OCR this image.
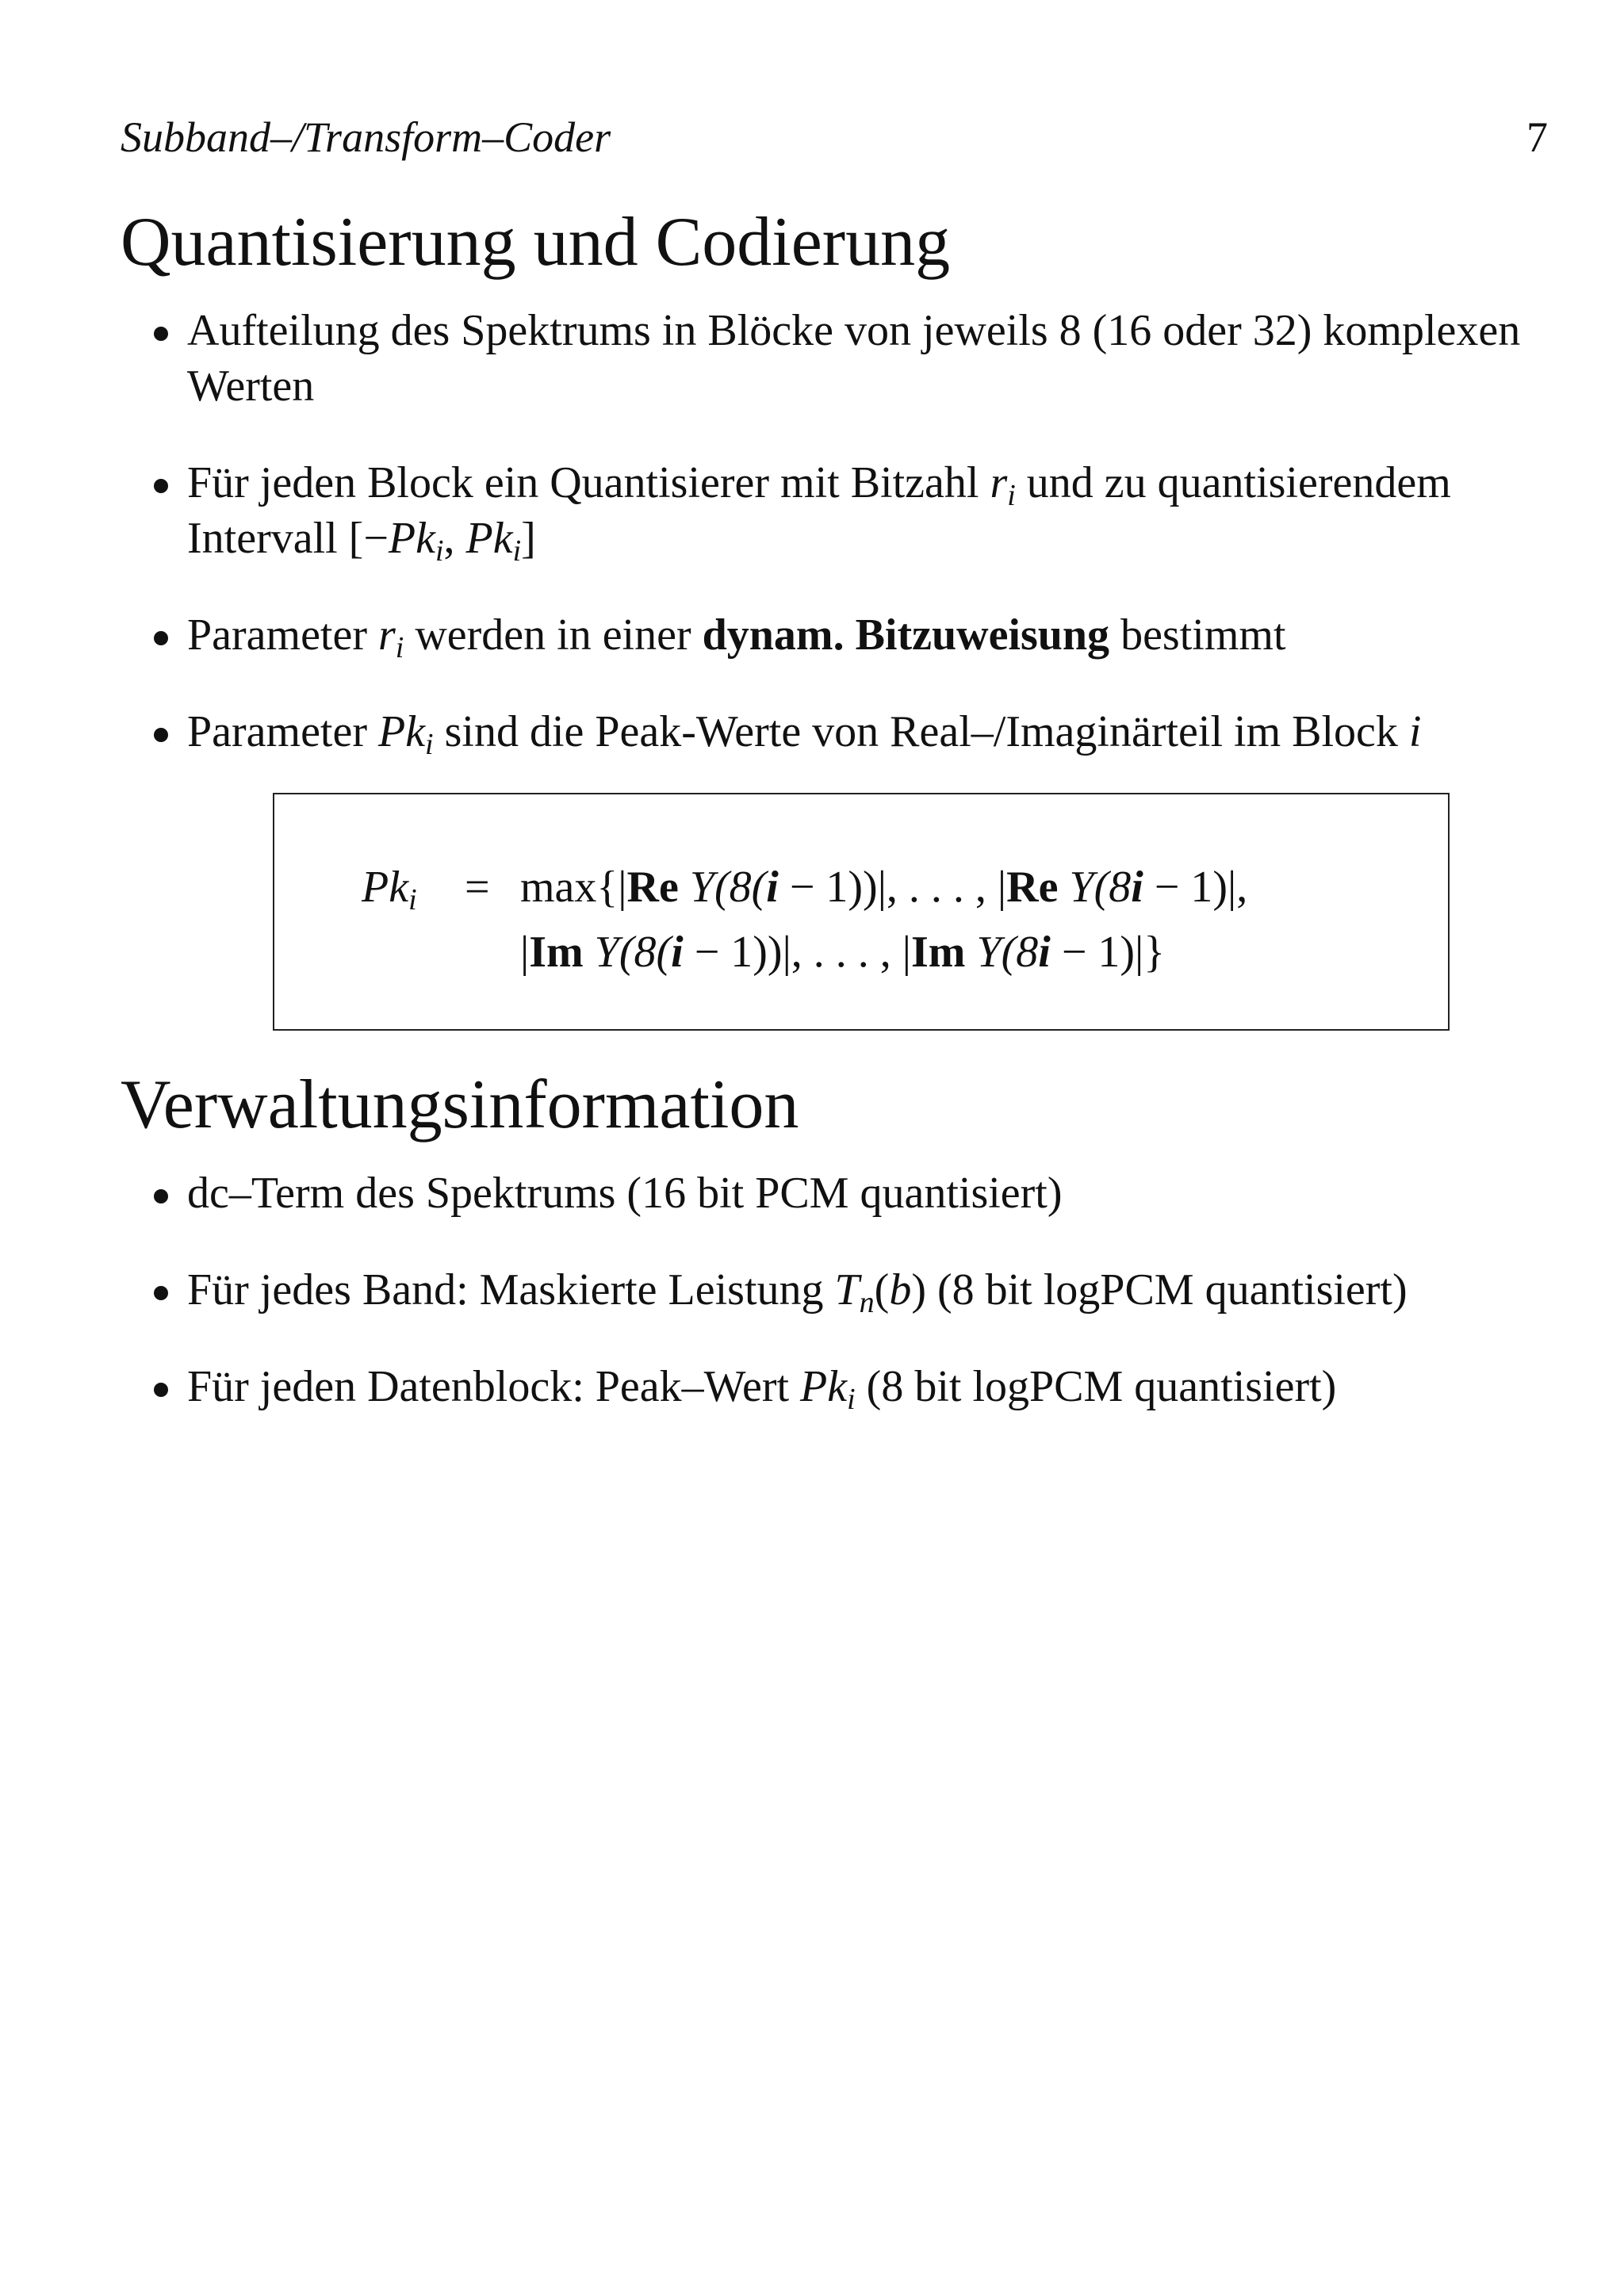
Subband–/Transform–Coder	7
Quantisierung und Codierung
Aufteilung des Spektrums in Blöcke von jeweils 8 (16 oder 32) komplexen
Werten
Für jeden Block ein Quantisierer mit Bitzahl $r_i$ und zu quantisierendem
Intervall [$-Pk_i$, $Pk_i$]
Parameter $r_i$ werden in einer dynam. Bitzuweisung bestimmt
Parameter $Pk_i$ sind die Peak-Werte von Real–/Imaginärteil im Block i
$Pk_i = \max\{|Re$ Y(8(i − 1))|, . . . , |Re Y(8i − 1)|,
|Im Y(8(i − 1))|, . . . , |Im Y(8i − 1)|}
Verwaltungsinformation
dc–Term des Spektrums (16 bit PCM quantisiert)
Für jedes Band: Maskierte Leistung $T_n(b)$ (8 bit logPCM quantisiert)
Für jeden Datenblock: Peak–Wert $Pk_i$ (8 bit logPCM quantisiert)
